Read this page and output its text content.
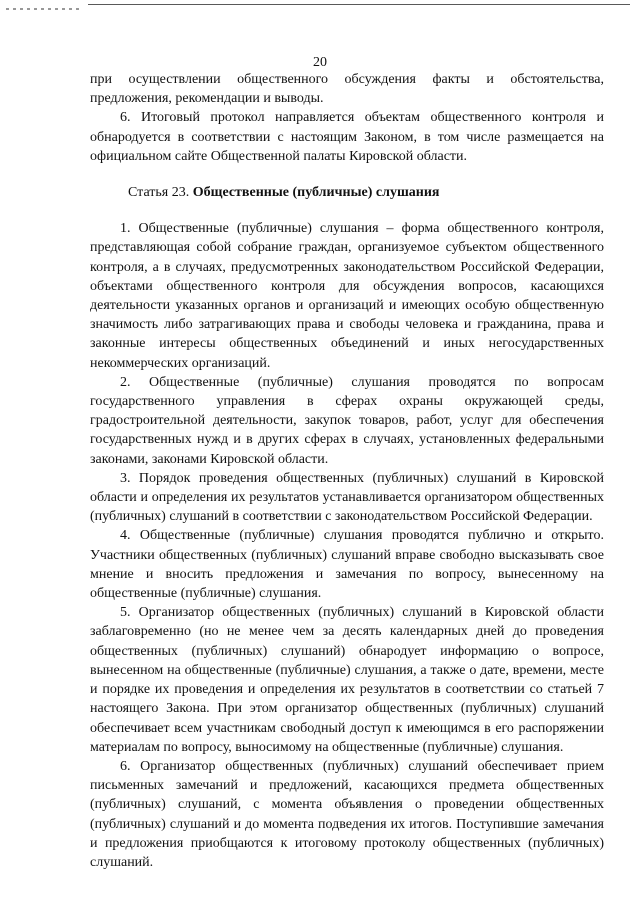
20

при осуществлении общественного обсуждения факты и обстоятельства, предложения, рекомендации и выводы.

6. Итоговый протокол направляется объектам общественного контроля и обнародуется в соответствии с настоящим Законом, в том числе размещается на официальном сайте Общественной палаты Кировской области.

Статья 23. Общественные (публичные) слушания

1. Общественные (публичные) слушания – форма общественного контроля, представляющая собой собрание граждан, организуемое субъектом общественного контроля, а в случаях, предусмотренных законодательством Российской Федерации, объектами общественного контроля для обсуждения вопросов, касающихся деятельности указанных органов и организаций и имеющих особую общественную значимость либо затрагивающих права и свободы человека и гражданина, права и законные интересы общественных объединений и иных негосударственных некоммерческих организаций.

2. Общественные (публичные) слушания проводятся по вопросам государственного управления в сферах охраны окружающей среды, градостроительной деятельности, закупок товаров, работ, услуг для обеспечения государственных нужд и в других сферах в случаях, установленных федеральными законами, законами Кировской области.

3. Порядок проведения общественных (публичных) слушаний в Кировской области и определения их результатов устанавливается организатором общественных (публичных) слушаний в соответствии с законодательством Российской Федерации.

4. Общественные (публичные) слушания проводятся публично и открыто. Участники общественных (публичных) слушаний вправе свободно высказывать свое мнение и вносить предложения и замечания по вопросу, вынесенному на общественные (публичные) слушания.

5. Организатор общественных (публичных) слушаний в Кировской области заблаговременно (но не менее чем за десять календарных дней до проведения общественных (публичных) слушаний) обнародует информацию о вопросе, вынесенном на общественные (публичные) слушания, а также о дате, времени, месте и порядке их проведения и определения их результатов в соответствии со статьей 7 настоящего Закона. При этом организатор общественных (публичных) слушаний обеспечивает всем участникам свободный доступ к имеющимся в его распоряжении материалам по вопросу, выносимому на общественные (публичные) слушания.

6. Организатор общественных (публичных) слушаний обеспечивает прием письменных замечаний и предложений, касающихся предмета общественных (публичных) слушаний, с момента объявления о проведении общественных (публичных) слушаний и до момента подведения их итогов. Поступившие замечания и предложения приобщаются к итоговому протоколу общественных (публичных) слушаний.
